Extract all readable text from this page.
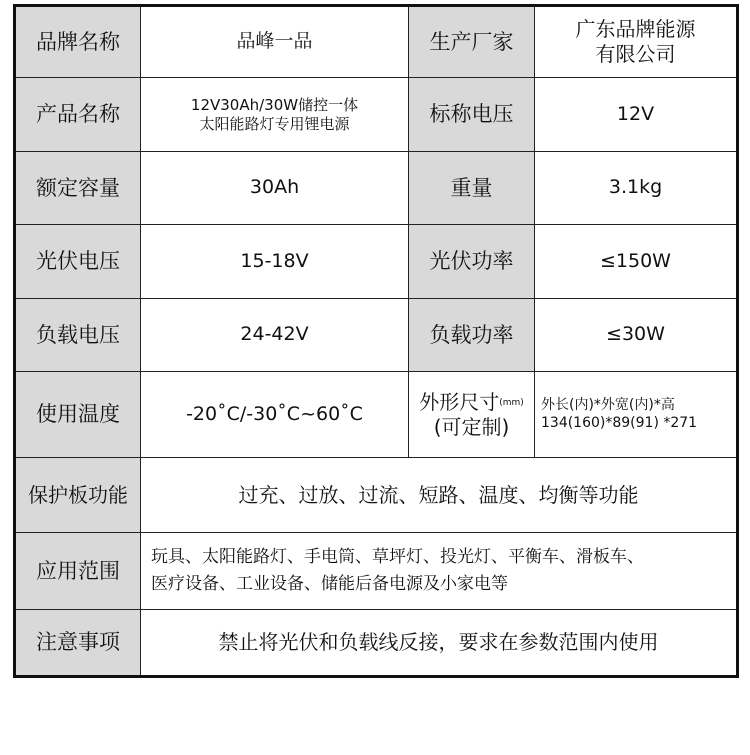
品牌名称	品峰一品	生产厂家	广东品牌能源
有限公司

产品名称	12V30Ah/30W储控一体
太阳能路灯专用锂电源	标称电压	12V
额定容量	30Ah	重量	3.1kg
光伏电压	15-18V	光伏功率	≤150W
负载电压	24-42V	负载功率	≤30W
使用温度	-20˚C/-30˚C~60˚C	外形尺寸(mm)
(可定制)	外长(内)*外宽(内)*高
134(160)*89(91) *271

保护板功能	过充、过放、过流、短路、温度、均衡等功能		
应用范围	玩具、太阳能路灯、手电筒、草坪灯、投光灯、平衡车、滑板车、
医疗设备、工业设备、储能后备电源及小家电等		

注意事项	禁止将光伏和负载线反接，要求在参数范围内使用		
